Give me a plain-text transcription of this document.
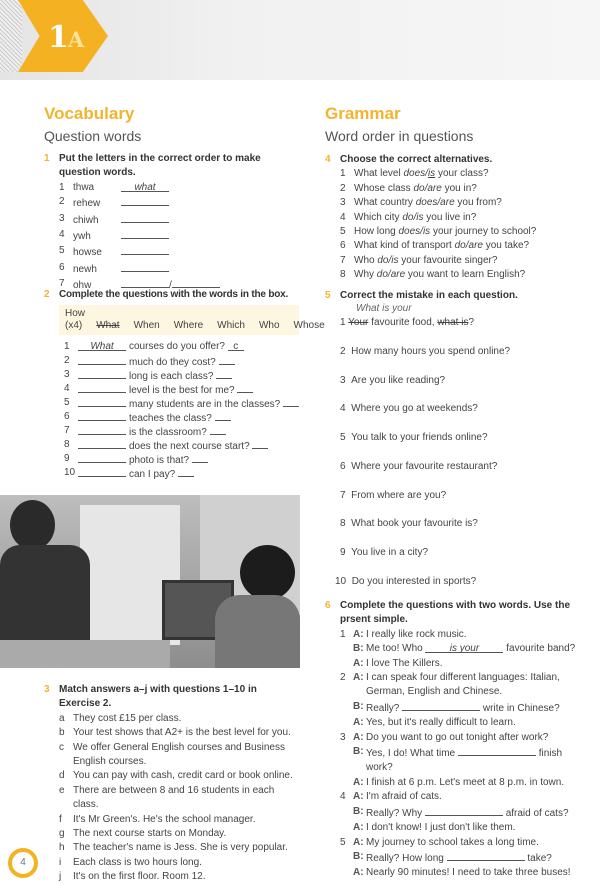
1A
Vocabulary
Question words
1 Put the letters in the correct order to make question words.
1 thwa	what
2 rehew
3 chiwh
4 ywh
5 howse
6 newh
7 ohw	/
2 Complete the questions with the words in the box.
How (x4) What When Where Which Who Whose
1 What courses do you offer? c
2	much do they cost?
3	long is each class?
4	level is the best for me?
5	many students are in the classes?
6	teaches the class?
7	is the classroom?
8	does the next course start?
9	photo is that?
10	can I pay?
3 Match answers a–j with questions 1–10 in Exercise 2.
a They cost £15 per class.
b Your test shows that A2+ is the best level for you.
c We offer General English courses and Business English courses.
d You can pay with cash, credit card or book online.
e There are between 8 and 16 students in each class.
f It's Mr Green's. He's the school manager.
g The next course starts on Monday.
h The teacher's name is Jess. She is very popular.
i Each class is two hours long.
j It's on the first floor. Room 12.
Grammar
Word order in questions
4 Choose the correct alternatives.
1 What level does/is your class?
2 Whose class do/are you in?
3 What country does/are you from?
4 Which city do/is you live in?
5 How long does/is your journey to school?
6 What kind of transport do/are you take?
7 Who do/is your favourite singer?
8 Why do/are you want to learn English?
5 Correct the mistake in each question.
What is your
1 Your favourite food, what is?
2 How many hours you spend online?
3 Are you like reading?
4 Where you go at weekends?
5 You talk to your friends online?
6 Where your favourite restaurant?
7 From where are you?
8 What book your favourite is?
9 You live in a city?
10 Do you interested in sports?
6 Complete the questions with two words. Use the prsent simple.
1 A: I really like rock music.
B: Me too! Who	is your	favourite band?
A: I love The Killers.
2 A: I can speak four different languages: Italian, German, English and Chinese.
B: Really?	write in Chinese?
A: Yes, but it's really difficult to learn.
3 A: Do you want to go out tonight after work?
B: Yes, I do! What time	finish work?
A: I finish at 6 p.m. Let's meet at 8 p.m. in town.
4 A: I'm afraid of cats.
B: Really? Why	afraid of cats?
A: I don't know! I just don't like them.
5 A: My journey to school takes a long time.
B: Really? How long	take?
A: Nearly 90 minutes! I need to take three buses!
4
